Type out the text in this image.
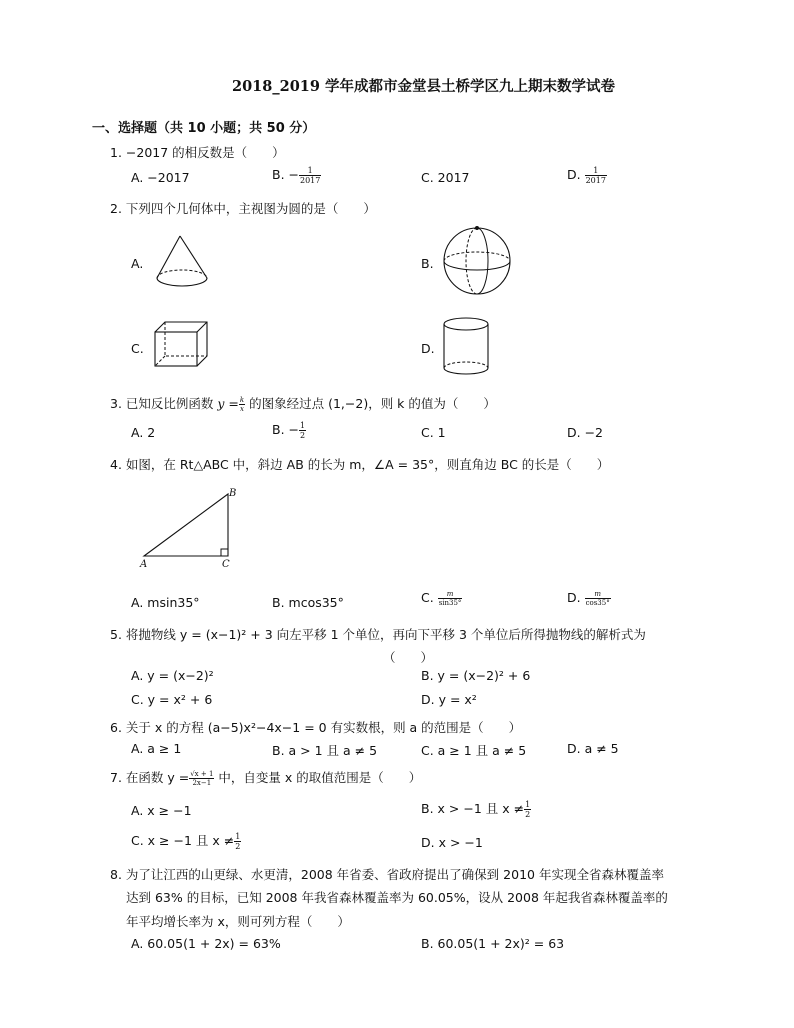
2018_2019 学年成都市金堂县土桥学区九上期末数学试卷
一、选择题（共 10 小题；共 50 分）
1. −2017 的相反数是（　　）
A. −2017	B. − $\frac{1}{2017}$	C. 2017	D. $\frac{1}{2017}$
2. 下列四个几何体中，主视图为圆的是（　　）
A.	B.
C.	D.
3. 已知反比例函数 $y = \frac{k}{x}$ 的图象经过点 (1,−2)，则 k 的值为（　　）
A. 2	B. − $\frac{1}{2}$	C. 1	D. −2
4. 如图，在 Rt△ABC 中，斜边 AB 的长为 m，∠A = 35°，则直角边 BC 的长是（　　）
B
A	C
A. msin35°	B. mcos35°	C. $\frac{m}{\sin 35^\circ}$	D. $\frac{m}{\cos 35^\circ}$
5. 将抛物线 y = (x−1)² + 3 向左平移 1 个单位，再向下平移 3 个单位后所得抛物线的解析式为
（　　）
A. y = (x−2)²	B. y = (x−2)² + 6
C. y = x² + 6	D. y = x²
6. 关于 x 的方程 (a−5)x²−4x−1 = 0 有实数根，则 a 的范围是（　　）
A. a ≥ 1	B. a > 1 且 a ≠ 5	C. a ≥ 1 且 a ≠ 5	D. a ≠ 5
7. 在函数 $y = \frac{√x + 1}{2x-1}$ 中，自变量 x 的取值范围是（　　）
A. x ≥ −1	B. x > −1 且 $x \ne \frac{1}{2}$
C. x ≥ −1 且 $x \ne \frac{1}{2}$	D. x > −1
8. 为了让江西的山更绿、水更清，2008 年省委、省政府提出了确保到 2010 年实现全省森林覆盖率
达到 63% 的目标，已知 2008 年我省森林覆盖率为 60.05%，设从 2008 年起我省森林覆盖率的
年平均增长率为 x，则可列方程（　　）
A. 60.05(1 + 2x) = 63%	B. 60.05(1 + 2x)² = 63
